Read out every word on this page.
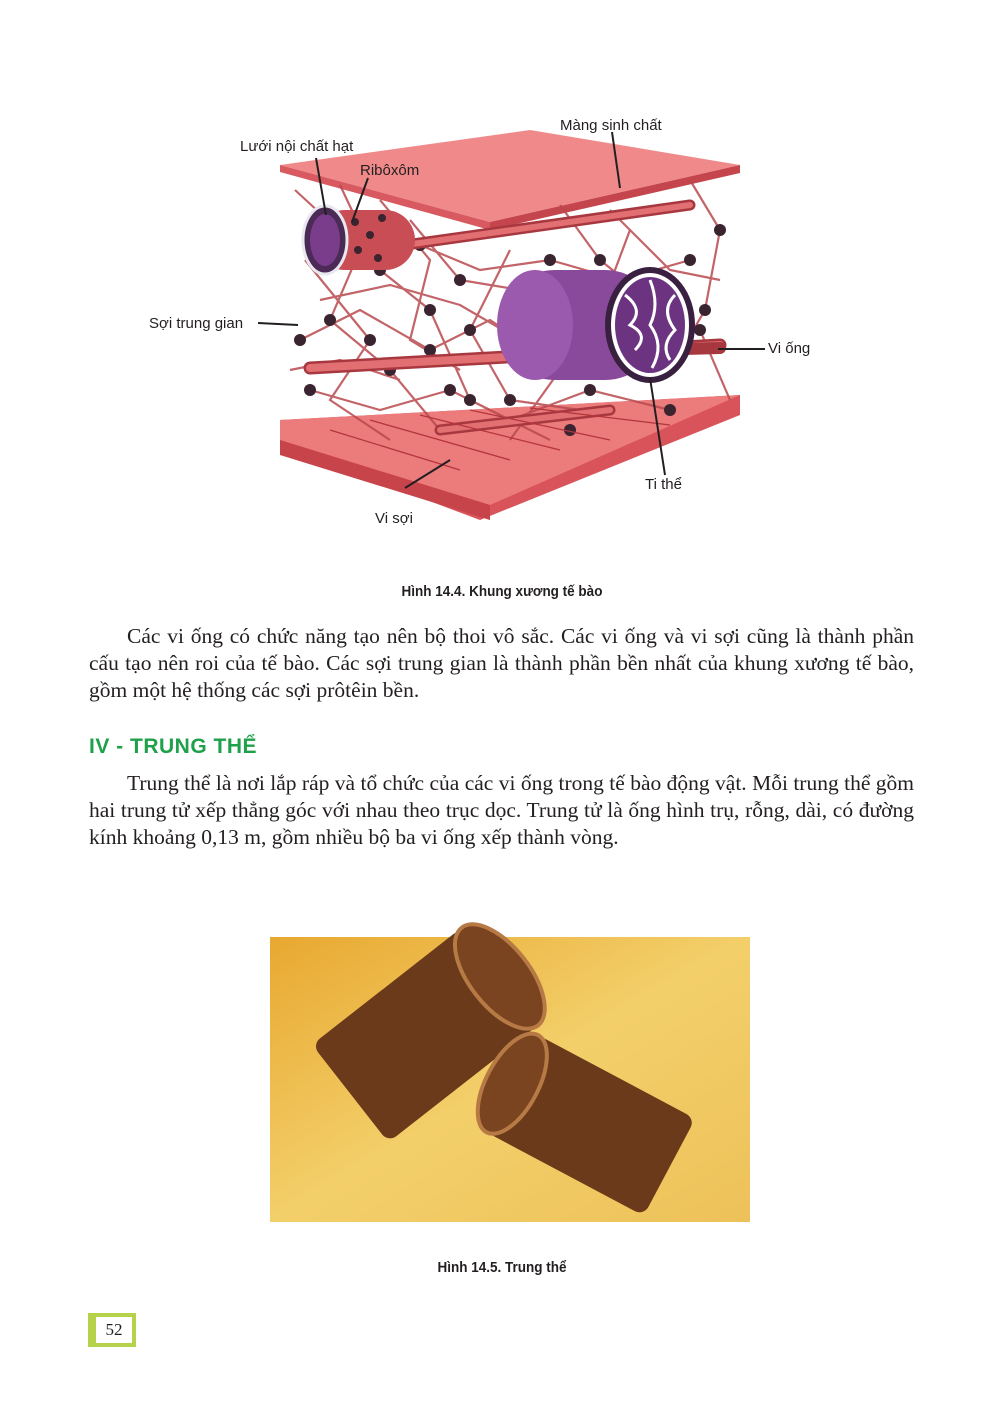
Màng sinh chất
Lưới nội chất hạt
Ribôxôm
Sợi trung gian
Vi ống
Ti thể
Vi sợi
Hình 14.4. Khung xương tế bào

Các vi ống có chức năng tạo nên bộ thoi vô sắc. Các vi ống và vi sợi cũng là thành phần cấu tạo nên roi của tế bào. Các sợi trung gian là thành phần bền nhất của khung xương tế bào, gồm một hệ thống các sợi prôtêin bền.

IV - TRUNG THỂ

Trung thể là nơi lắp ráp và tổ chức của các vi ống trong tế bào động vật. Mỗi trung thể gồm hai trung tử xếp thẳng góc với nhau theo trục dọc. Trung tử là ống hình trụ, rỗng, dài, có đường kính khoảng 0,13 m, gồm nhiều bộ ba vi ống xếp thành vòng.

Hình 14.5. Trung thể
52
